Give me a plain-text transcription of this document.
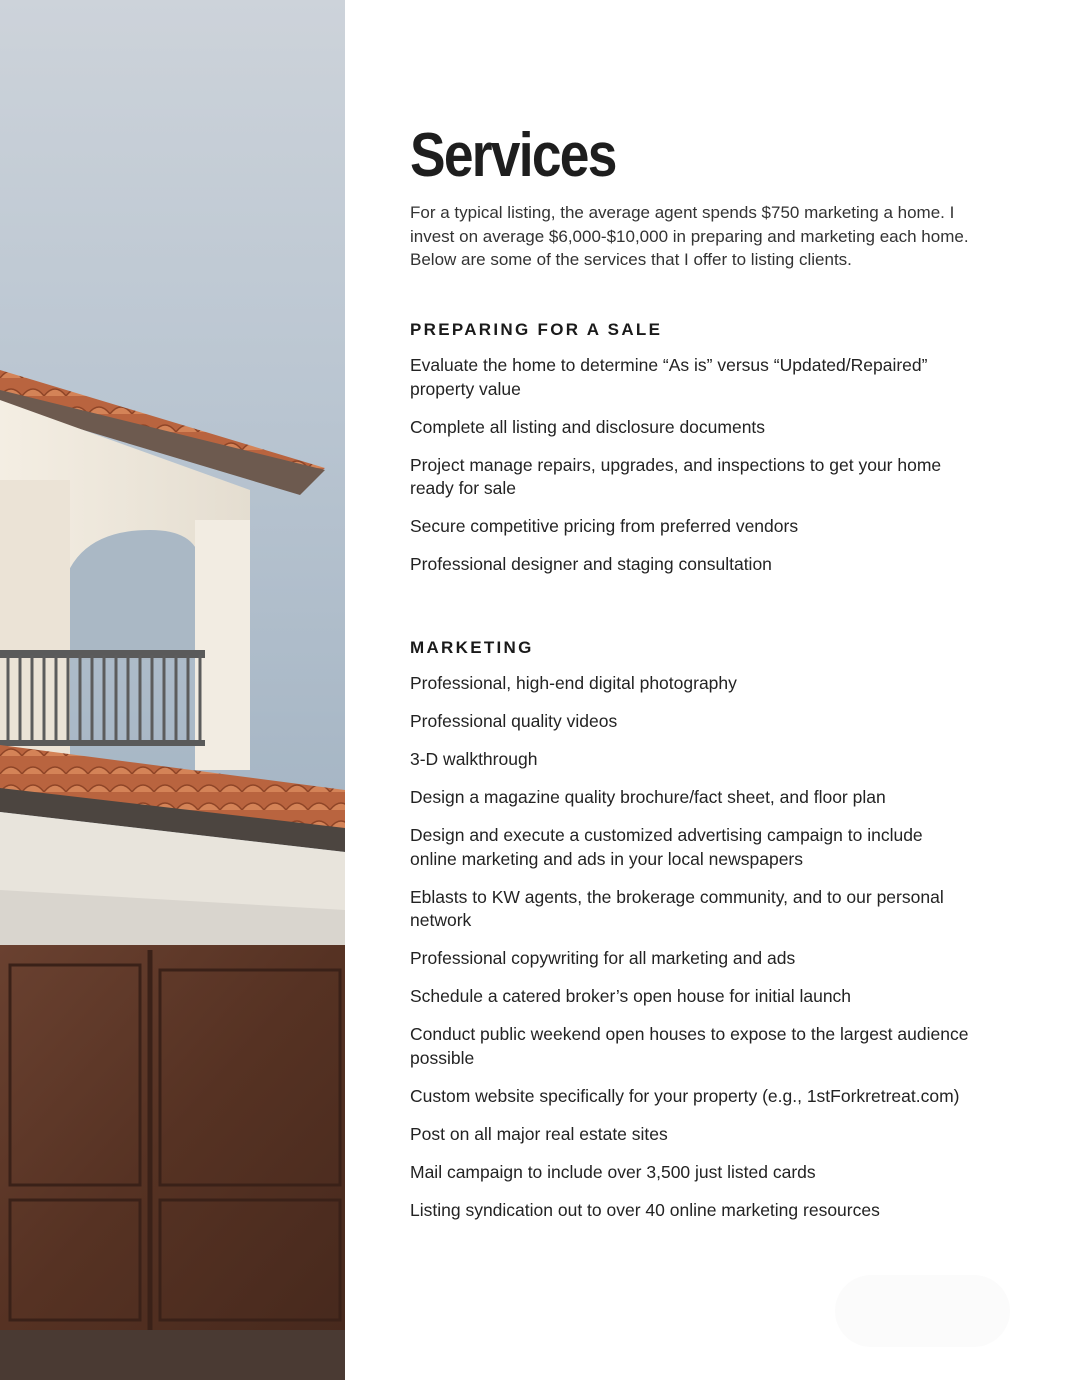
Services

For a typical listing, the average agent spends $750 marketing a home. I invest on average $6,000-$10,000 in preparing and marketing each home. Below are some of the services that I offer to listing clients.

PREPARING FOR A SALE
Evaluate the home to determine “As is” versus “Updated/Repaired” property value
Complete all listing and disclosure documents
Project manage repairs, upgrades, and inspections to get your home ready for sale
Secure competitive pricing from preferred vendors
Professional designer and staging consultation
MARKETING
Professional, high-end digital photography
Professional quality videos
3-D walkthrough
Design a magazine quality brochure/fact sheet, and floor plan
Design and execute a customized advertising campaign to include online marketing and ads in your local newspapers
Eblasts to KW agents, the brokerage community, and to our personal network
Professional copywriting for all marketing and ads
Schedule a catered broker’s open house for initial launch
Conduct public weekend open houses to expose to the largest audience possible
Custom website specifically for your property (e.g., 1stForkretreat.com)
Post on all major real estate sites
Mail campaign to include over 3,500 just listed cards
Listing syndication out to over 40 online marketing resources
